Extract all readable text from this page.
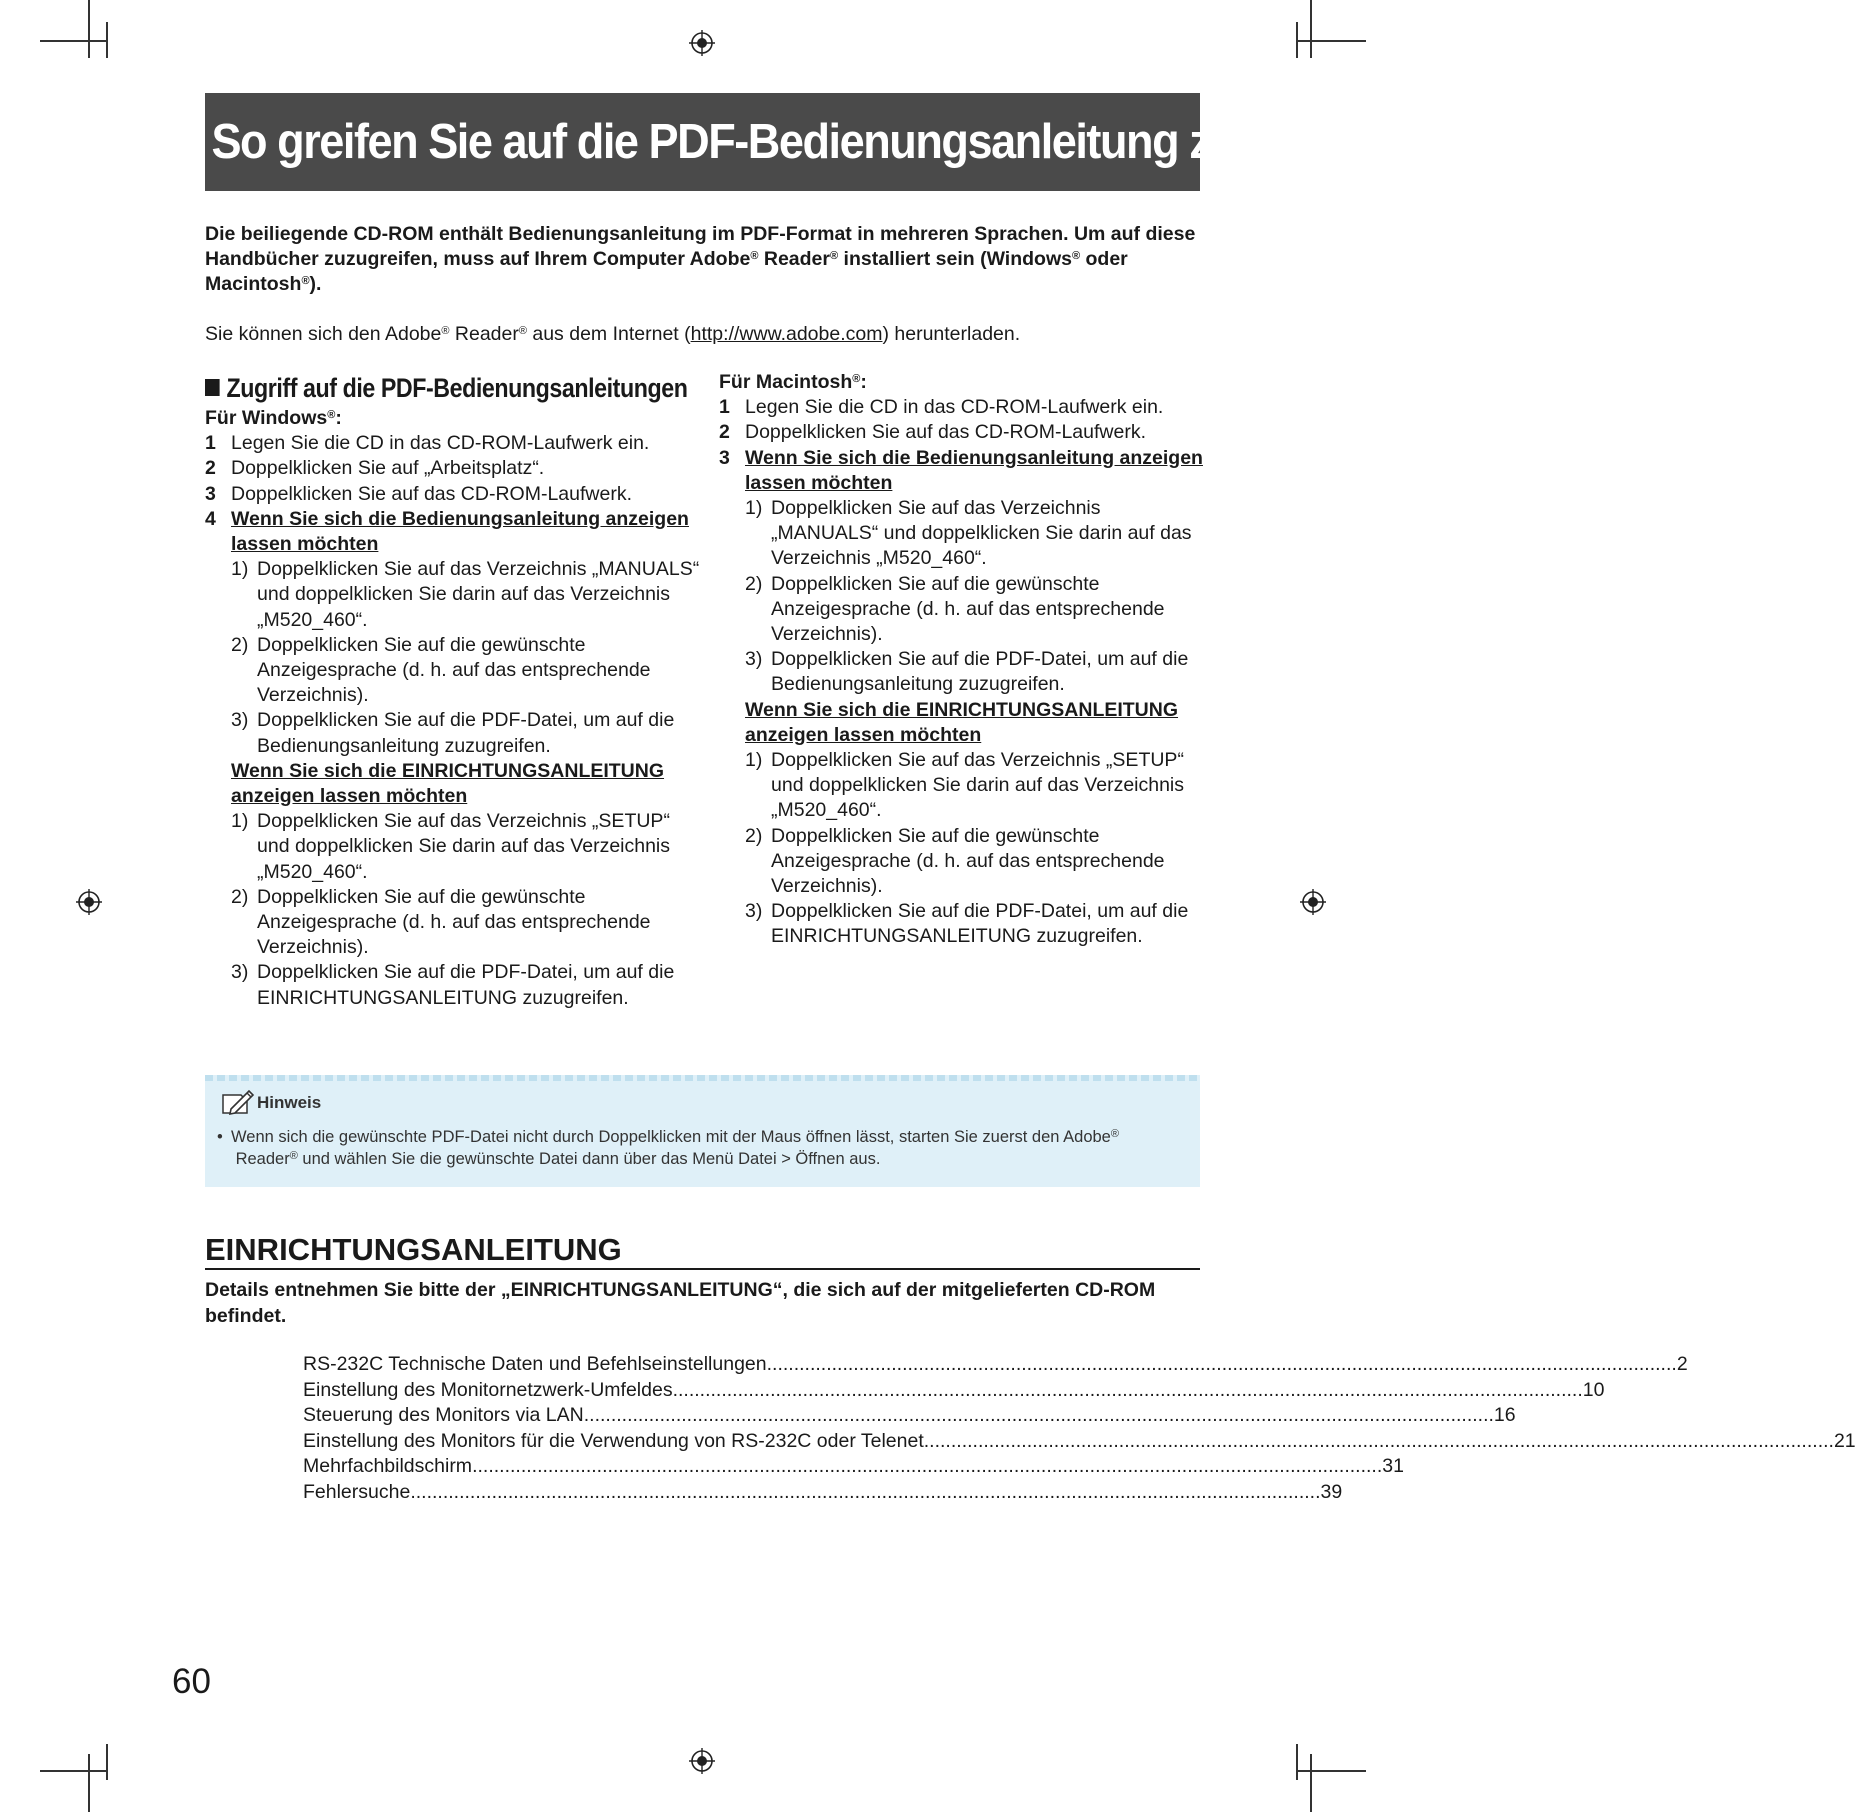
So greifen Sie auf die PDF-Bedienungsanleitung zu
Die beiliegende CD-ROM enthält Bedienungsanleitung im PDF-Format in mehreren Sprachen. Um auf diese Handbücher zuzugreifen, muss auf Ihrem Computer Adobe® Reader® installiert sein (Windows® oder Macintosh®).
Sie können sich den Adobe® Reader® aus dem Internet (http://www.adobe.com) herunterladen.
Zugriff auf die PDF-Bedienungsanleitungen
Für Windows®:
1 Legen Sie die CD in das CD-ROM-Laufwerk ein.
2 Doppelklicken Sie auf „Arbeitsplatz“.
3 Doppelklicken Sie auf das CD-ROM-Laufwerk.
4 Wenn Sie sich die Bedienungsanleitung anzeigen lassen möchten
1) Doppelklicken Sie auf das Verzeichnis „MANUALS“ und doppelklicken Sie darin auf das Verzeichnis „M520_460“.
2) Doppelklicken Sie auf die gewünschte Anzeigesprache (d. h. auf das entsprechende Verzeichnis).
3) Doppelklicken Sie auf die PDF-Datei, um auf die Bedienungsanleitung zuzugreifen.
Wenn Sie sich die EINRICHTUNGSANLEITUNG anzeigen lassen möchten
1) Doppelklicken Sie auf das Verzeichnis „SETUP“ und doppelklicken Sie darin auf das Verzeichnis „M520_460“.
2) Doppelklicken Sie auf die gewünschte Anzeigesprache (d. h. auf das entsprechende Verzeichnis).
3) Doppelklicken Sie auf die PDF-Datei, um auf die EINRICHTUNGSANLEITUNG zuzugreifen.
Für Macintosh®:
1 Legen Sie die CD in das CD-ROM-Laufwerk ein.
2 Doppelklicken Sie auf das CD-ROM-Laufwerk.
3 Wenn Sie sich die Bedienungsanleitung anzeigen lassen möchten
1) Doppelklicken Sie auf das Verzeichnis „MANUALS“ und doppelklicken Sie darin auf das Verzeichnis „M520_460“.
2) Doppelklicken Sie auf die gewünschte Anzeigesprache (d. h. auf das entsprechende Verzeichnis).
3) Doppelklicken Sie auf die PDF-Datei, um auf die Bedienungsanleitung zuzugreifen.
Wenn Sie sich die EINRICHTUNGSANLEITUNG anzeigen lassen möchten
1) Doppelklicken Sie auf das Verzeichnis „SETUP“ und doppelklicken Sie darin auf das Verzeichnis „M520_460“.
2) Doppelklicken Sie auf die gewünschte Anzeigesprache (d. h. auf das entsprechende Verzeichnis).
3) Doppelklicken Sie auf die PDF-Datei, um auf die EINRICHTUNGSANLEITUNG zuzugreifen.
Hinweis
• Wenn sich die gewünschte PDF-Datei nicht durch Doppelklicken mit der Maus öffnen lässt, starten Sie zuerst den Adobe®
Reader® und wählen Sie die gewünschte Datei dann über das Menü Datei > Öffnen aus.
EINRICHTUNGSANLEITUNG
Details entnehmen Sie bitte der „EINRICHTUNGSANLEITUNG“, die sich auf der mitgelieferten CD-ROM befindet.
RS-232C Technische Daten und Befehlseinstellungen ........................................................................................................................................................................ 2
Einstellung des Monitornetzwerk-Umfeldes ........................................................................................................................................................................ 10
Steuerung des Monitors via LAN ........................................................................................................................................................................ 16
Einstellung des Monitors für die Verwendung von RS-232C oder Telenet ........................................................................................................................................................................ 21
Mehrfachbildschirm ........................................................................................................................................................................ 31
Fehlersuche ........................................................................................................................................................................ 39
60
